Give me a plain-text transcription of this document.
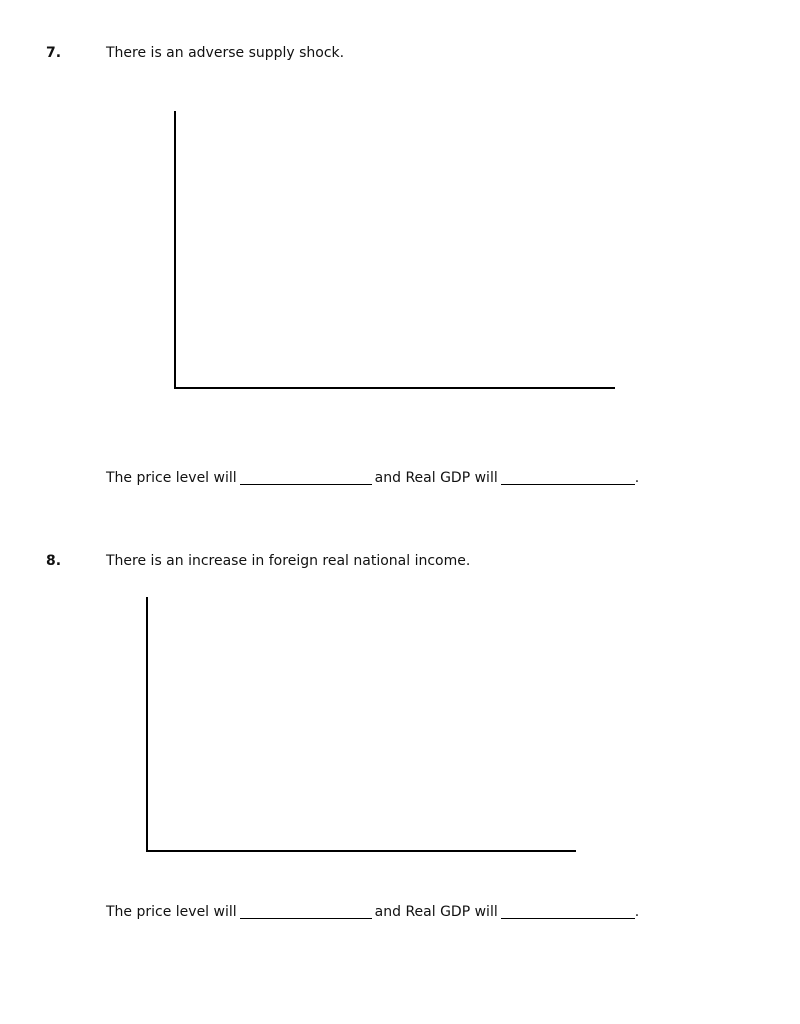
7.	There is an adverse supply shock.
The price level will	and Real GDP will	.
8.	There is an increase in foreign real national income.
The price level will	and Real GDP will	.
